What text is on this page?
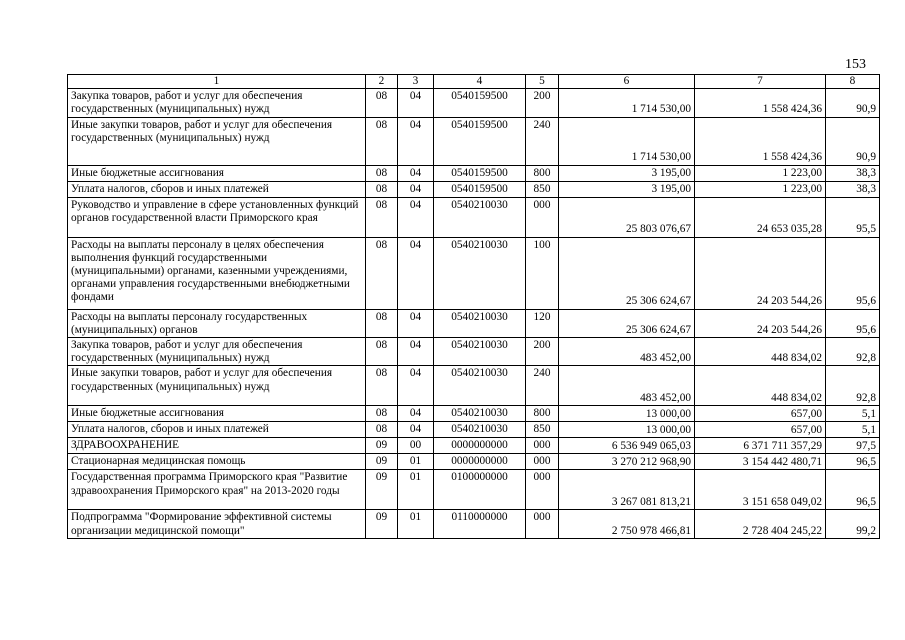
153
1	2	3	4	5	6	7	8
Закупка товаров, работ и услуг для обеспечения государственных (муниципальных) нужд	08	04	0540159500	200	1 714 530,00	1 558 424,36	90,9
Иные закупки товаров, работ и услуг для обеспечения государственных (муниципальных) нужд	08	04	0540159500	240	1 714 530,00	1 558 424,36	90,9
Иные бюджетные ассигнования	08	04	0540159500	800	3 195,00	1 223,00	38,3
Уплата налогов, сборов и иных платежей	08	04	0540159500	850	3 195,00	1 223,00	38,3
Руководство и управление в сфере установленных функций органов государственной власти Приморского края	08	04	0540210030	000	25 803 076,67	24 653 035,28	95,5
Расходы на выплаты персоналу в целях обеспечения выполнения функций государственными (муниципальными) органами, казенными учреждениями, органами управления государственными внебюджетными фондами	08	04	0540210030	100	25 306 624,67	24 203 544,26	95,6
Расходы на выплаты персоналу государственных (муниципальных) органов	08	04	0540210030	120	25 306 624,67	24 203 544,26	95,6
Закупка товаров, работ и услуг для обеспечения государственных (муниципальных) нужд	08	04	0540210030	200	483 452,00	448 834,02	92,8
Иные закупки товаров, работ и услуг для обеспечения государственных (муниципальных) нужд	08	04	0540210030	240	483 452,00	448 834,02	92,8
Иные бюджетные ассигнования	08	04	0540210030	800	13 000,00	657,00	5,1
Уплата налогов, сборов и иных платежей	08	04	0540210030	850	13 000,00	657,00	5,1
ЗДРАВООХРАНЕНИЕ	09	00	0000000000	000	6 536 949 065,03	6 371 711 357,29	97,5
Стационарная медицинская помощь	09	01	0000000000	000	3 270 212 968,90	3 154 442 480,71	96,5
Государственная программа Приморского края "Развитие здравоохранения Приморского края" на 2013-2020 годы	09	01	0100000000	000	3 267 081 813,21	3 151 658 049,02	96,5
Подпрограмма "Формирование эффективной системы организации медицинской помощи"	09	01	0110000000	000	2 750 978 466,81	2 728 404 245,22	99,2
